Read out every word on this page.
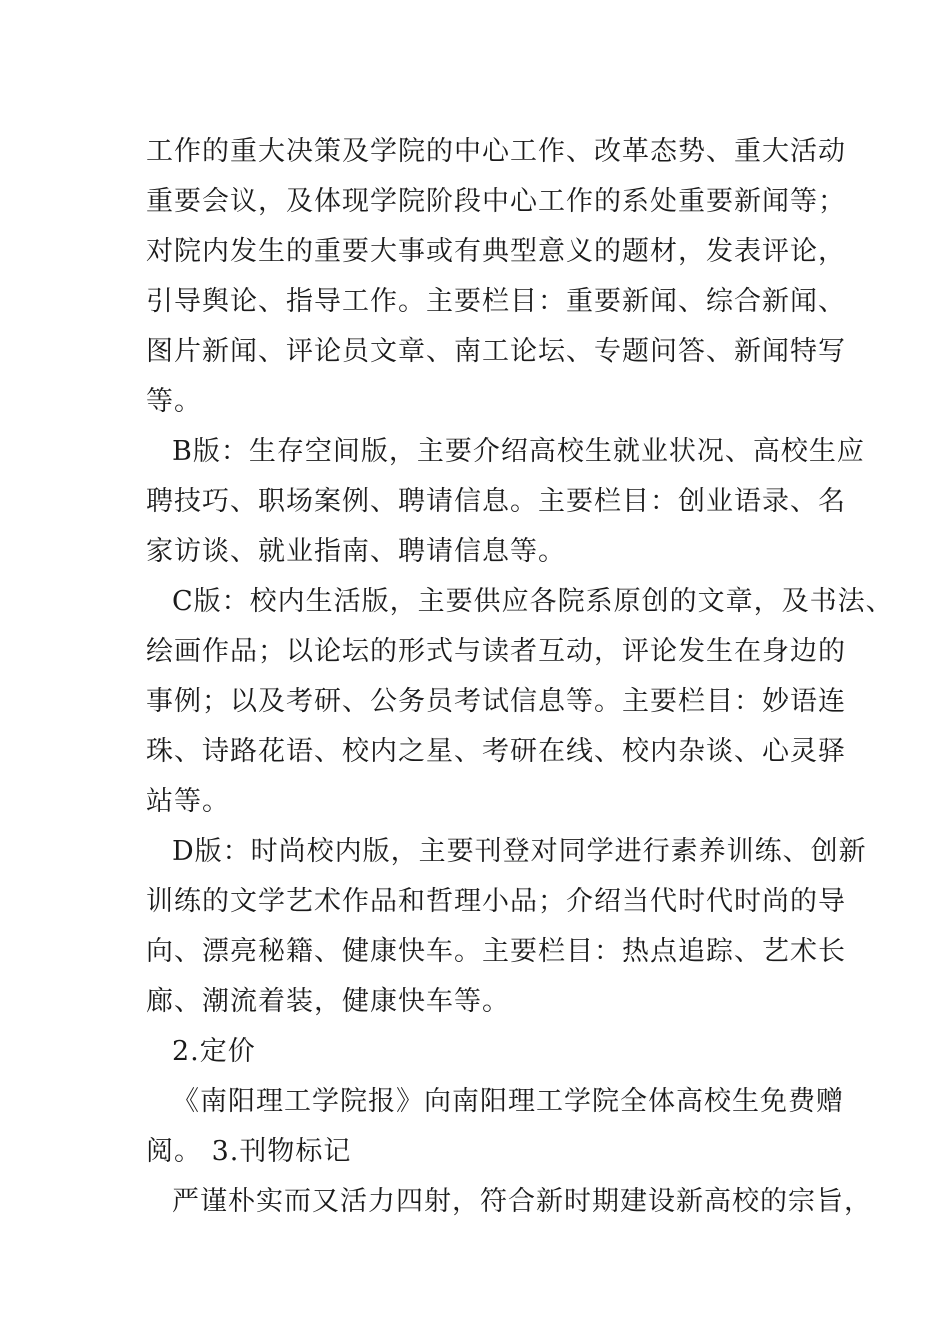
工作的重大决策及学院的中心工作、改革态势、重大活动
重要会议，及体现学院阶段中心工作的系处重要新闻等；
对院内发生的重要大事或有典型意义的题材，发表评论，
引导舆论、指导工作。主要栏目：重要新闻、综合新闻、
图片新闻、评论员文章、南工论坛、专题问答、新闻特写
等。
B版：生存空间版，主要介绍高校生就业状况、高校生应
聘技巧、职场案例、聘请信息。主要栏目：创业语录、名
家访谈、就业指南、聘请信息等。
C版：校内生活版，主要供应各院系原创的文章，及书法、
绘画作品；以论坛的形式与读者互动，评论发生在身边的
事例；以及考研、公务员考试信息等。主要栏目：妙语连
珠、诗路花语、校内之星、考研在线、校内杂谈、心灵驿
站等。
D版：时尚校内版，主要刊登对同学进行素养训练、创新
训练的文学艺术作品和哲理小品；介绍当代时代时尚的导
向、漂亮秘籍、健康快车。主要栏目：热点追踪、艺术长
廊、潮流着装，健康快车等。
2.定价
《南阳理工学院报》向南阳理工学院全体高校生免费赠
阅。 3.刊物标记
严谨朴实而又活力四射，符合新时期建设新高校的宗旨，
